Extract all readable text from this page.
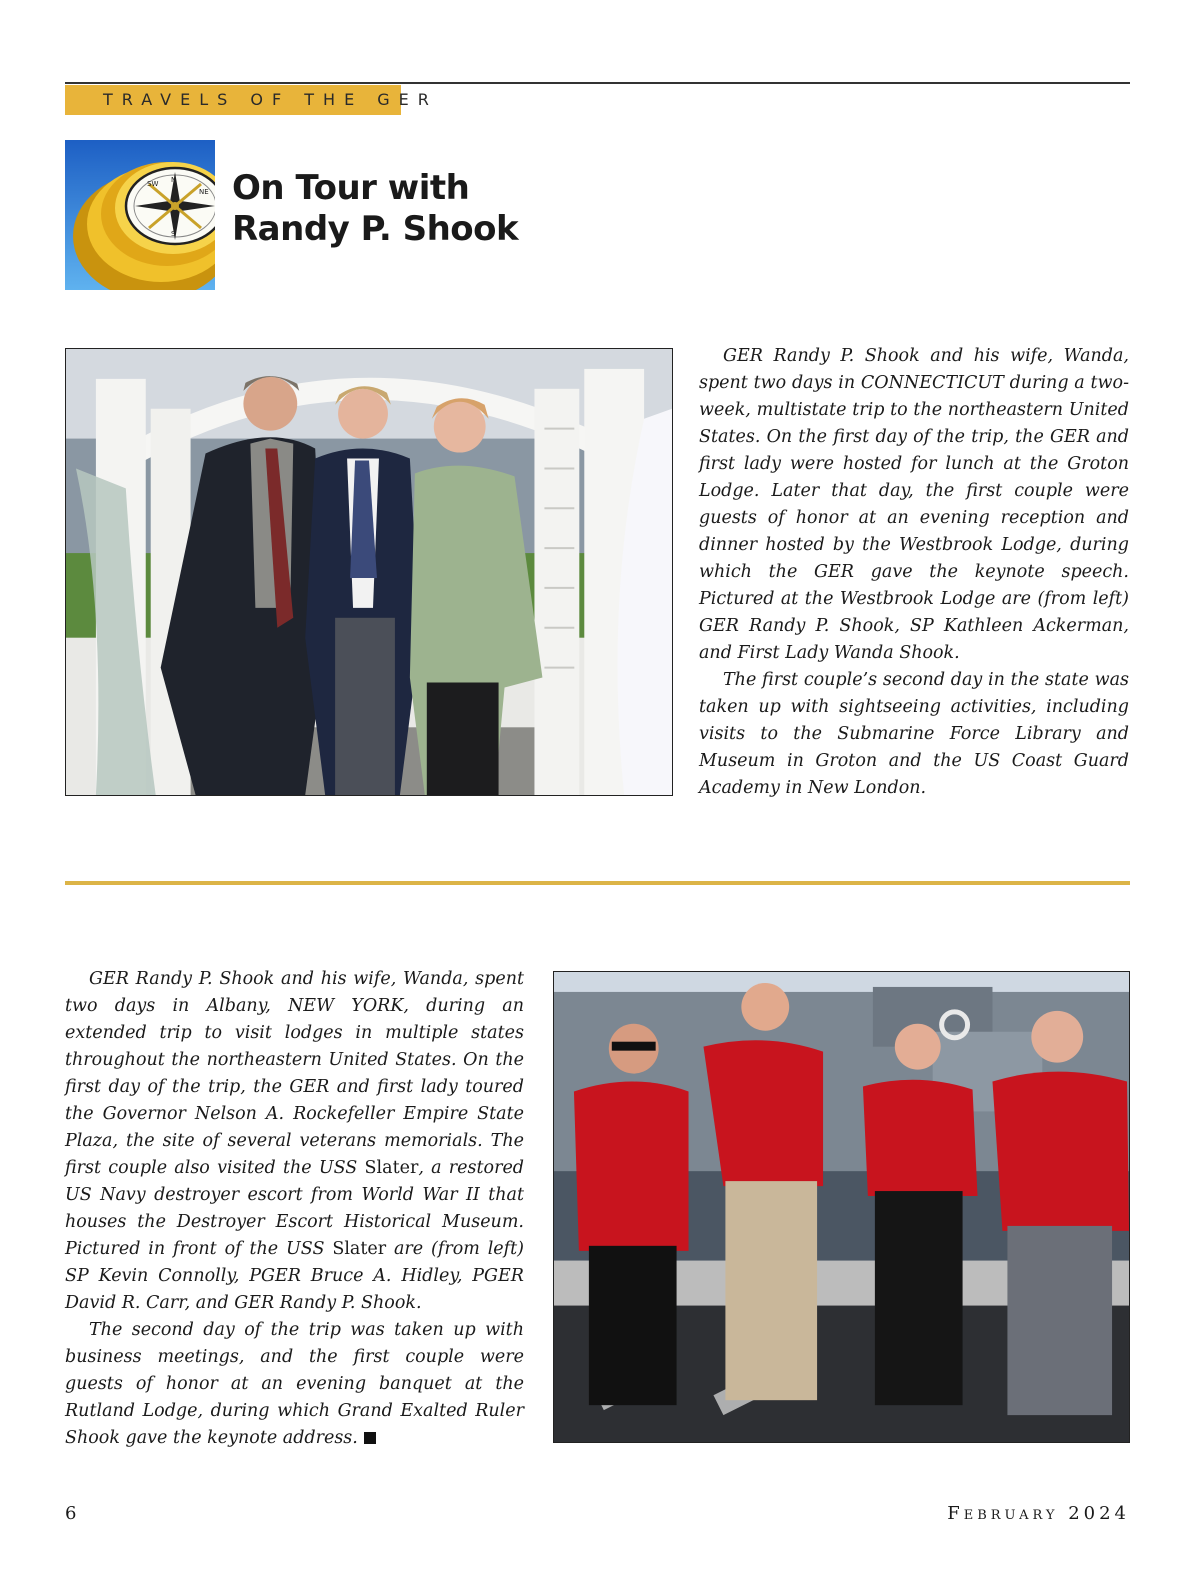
TRAVELS OF THE GER
SW
NE
N
S
On Tour with
Randy P. Shook

GER Randy P. Shook and his wife, Wanda, spent two days in CONNECTICUT during a two-week, multistate trip to the northeastern United States. On the first day of the trip, the GER and first lady were hosted for lunch at the Groton Lodge. Later that day, the first couple were guests of honor at an evening reception and dinner hosted by the Westbrook Lodge, during which the GER gave the keynote speech. Pictured at the Westbrook Lodge are (from left) GER Randy P. Shook, SP Kathleen Ackerman, and First Lady Wanda Shook.

The first couple’s second day in the state was taken up with sightseeing activities, including visits to the Submarine Force Library and Museum in Groton and the US Coast Guard Academy in New London.

GER Randy P. Shook and his wife, Wanda, spent two days in Albany, NEW YORK, during an extended trip to visit lodges in multiple states throughout the northeastern United States. On the first day of the trip, the GER and first lady toured the Governor Nelson A. Rockefeller Empire State Plaza, the site of several veterans memorials. The first couple also visited the USS Slater, a restored US Navy destroyer escort from World War II that houses the Destroyer Escort Historical Museum. Pictured in front of the USS Slater are (from left) SP Kevin Connolly, PGER Bruce A. Hidley, PGER David R. Carr, and GER Randy P. Shook.

The second day of the trip was taken up with business meetings, and the first couple were guests of honor at an evening banquet at the Rutland Lodge, during which Grand Exalted Ruler Shook gave the keynote address.

6	February 2024
